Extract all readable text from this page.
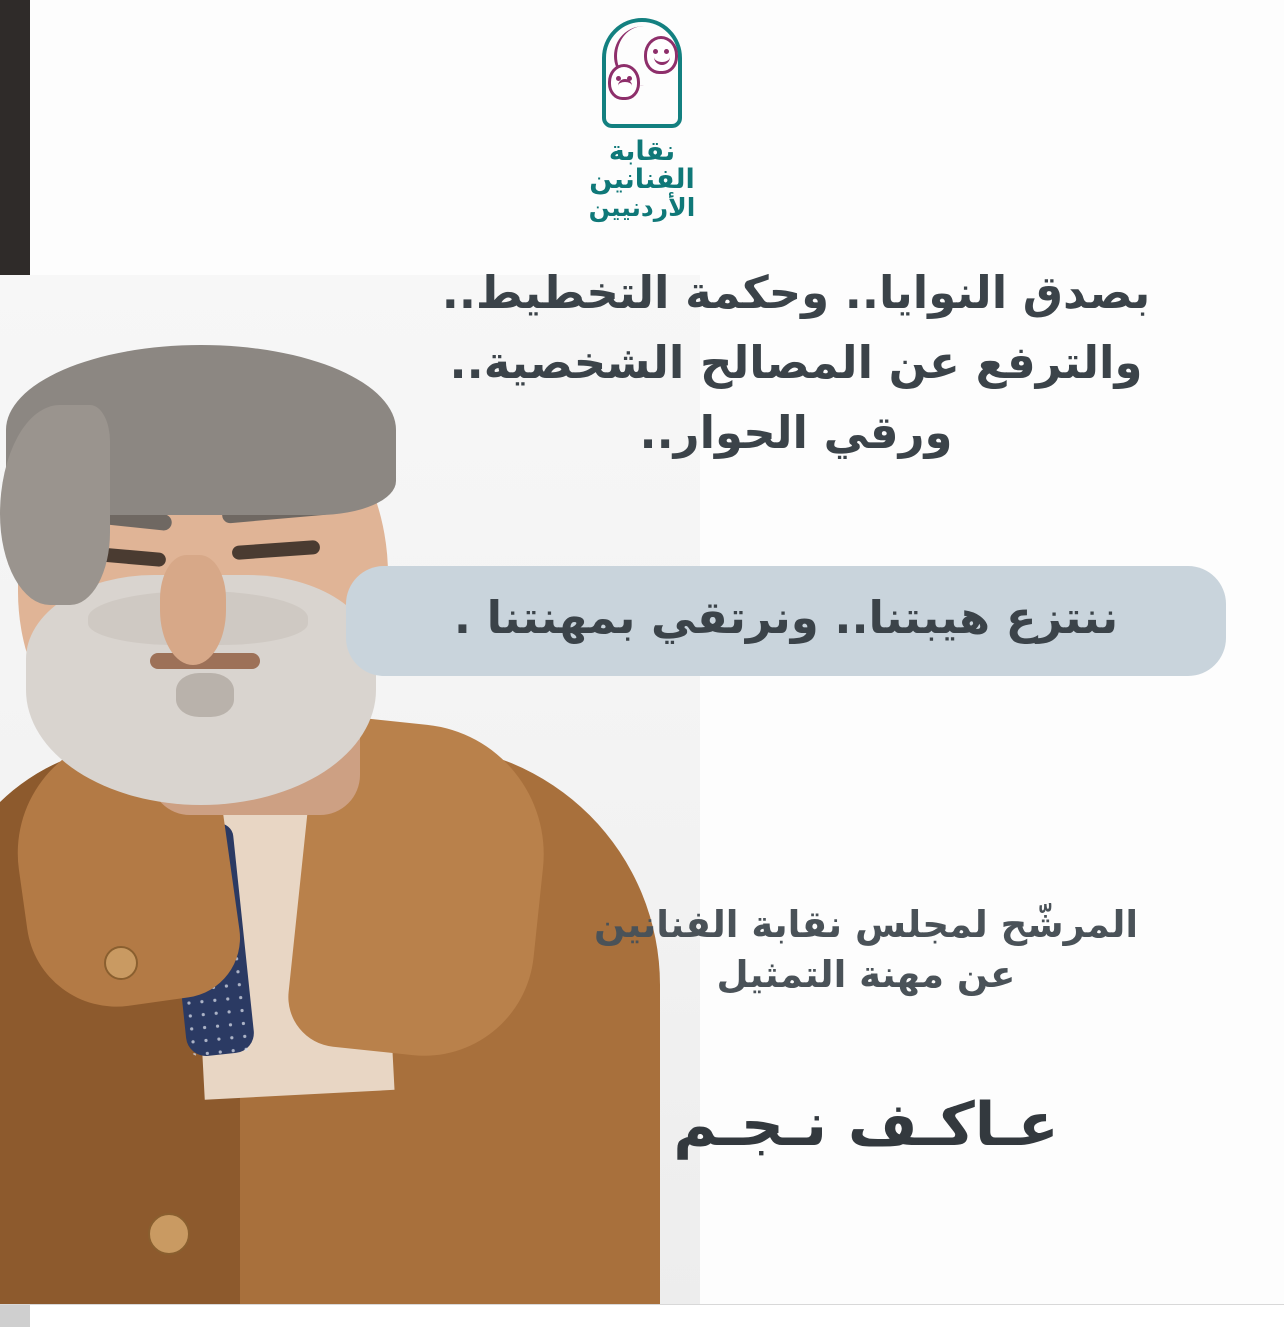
نقابة الفنانين
الأردنيين
بصدق النوايا.. وحكمة التخطيط..
والترفع عن المصالح الشخصية..
ورقي الحوار..
ننتزع هيبتنا.. ونرتقي بمهنتنا .
المرشّح لمجلس نقابة الفنانين
عن مهنة التمثيل
عـاكـف نـجـم
